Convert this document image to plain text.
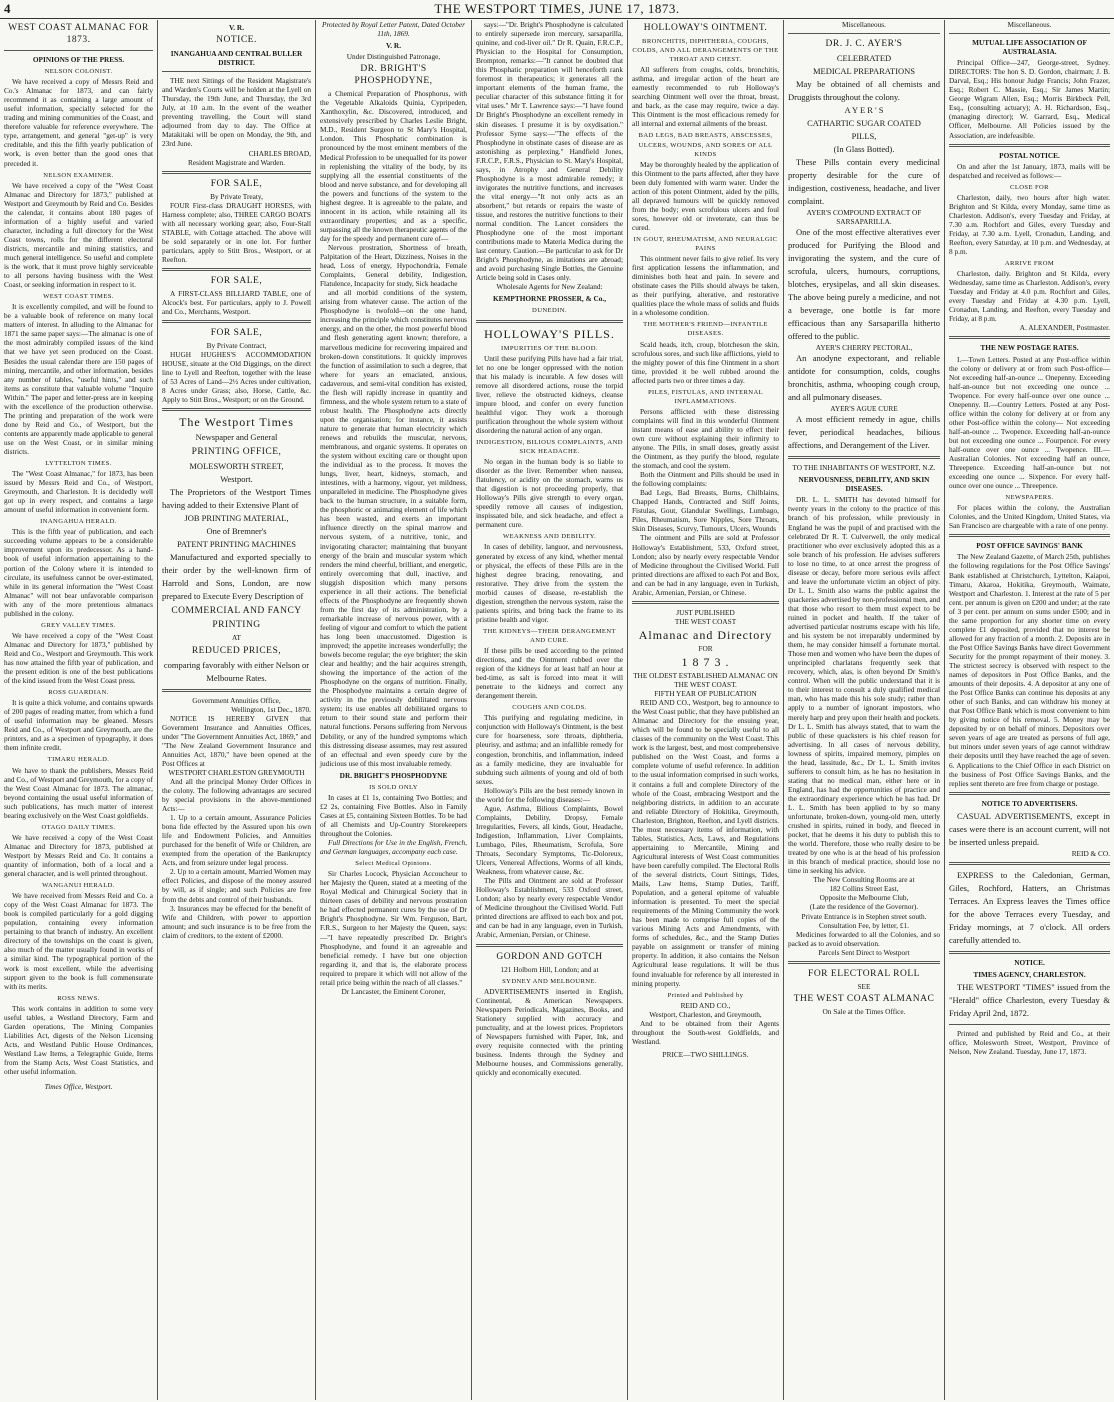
4	THE WESTPORT TIMES, JUNE 17, 1873.
WEST COAST ALMANAC FOR 1873.
OPINIONS OF THE PRESS.
NELSON COLONIST.

We have received a copy of Messrs Reid and Co.'s Almanac for 1873, and can fairly recommend it as containing a large amount of useful information, specially selected for the trading and mining communities of the Coast, and therefore valuable for reference everywhere. The type, arrangement, and general "get-up" is very creditable, and this the fifth yearly publication of work, is even better than the good ones that preceded it.

NELSON EXAMINER.

We have received a copy of the "West Coast Almanac and Directory for 1873," published at Westport and Greymouth by Reid and Co. Besides the calendar, it contains about 180 pages of information of a highly useful and varied character, including a full directory for the West Coast towns, rolls for the different electoral districts, mercantile and mining statistics, and much general intelligence. So useful and complete is the work, that it must prove highly serviceable to all persons having business with the West Coast, or seeking information in respect to it.

WEST COAST TIMES.

It is excellently compiled, and will be found to be a valuable book of reference on many local matters of interest. In alluding to the Almanac for 1871 the same paper says:—The almanac is one of the most admirably compiled issues of the kind that we have yet seen produced on the Coast. Besides the usual calendar there are 150 pages of mining, mercantile, and other information, besides any number of tables, "useful hints," and such items as constitute that valuable volume "Inquire Within." The paper and letter-press are in keeping with the excellence of the production otherwise. The printing and preparation of the work were done by Reid and Co., of Westport, but the contents are apparently made applicable to general use on the West Coast, or in similar mining districts.

LYTTELTON TIMES.

The "West Coast Almanac," for 1873, has been issued by Messrs Reid and Co., of Westport, Greymouth, and Charleston. It is decidedly well got up in every respect, and contains a large amount of useful information in convenient form.

INANGAHUA HERALD.

This is the fifth year of publication, and each succeeding volume appears to be a considerable improvement upon its predecessor. As a hand-book of useful information appertaining to the portion of the Colony where it is intended to circulate, its usefulness cannot be over-estimated, while in its general information the "West Coast Almanac" will not bear unfavorable comparison with any of the more pretentious almanacs published in the colony.

GREY VALLEY TIMES.

We have received a copy of the "West Coast Almanac and Directory for 1873," published by Reid and Co., Westport and Greymouth. This work has now attained the fifth year of publication, and the present edition is one of the best publications of the kind issued from the West Coast press.

ROSS GUARDIAN.

It is quite a thick volume, and contains upwards of 200 pages of reading matter, from which a fund of useful information may be gleaned. Messrs Reid and Co., of Westport and Greymouth, are the printers, and as a specimen of typography, it does them infinite credit.

TIMARU HERALD.

We have to thank the publishers, Messrs Reid and Co., of Westport and Greymouth, for a copy of the West Coast Almanac for 1873. The almanac, beyond containing the usual useful information of such publications, has much matter of interest bearing exclusively on the West Coast goldfields.

OTAGO DAILY TIMES.

We have received a copy of the West Coast Almanac and Directory for 1873, published at Westport by Messrs Reid and Co. It contains a quantity of information, both of a local and a general character, and is well printed throughout.

WANGANUI HERALD.

We have received from Messrs Reid and Co. a copy of the West Coast Almanac for 1873. The book is compiled particularly for a gold digging population, containing every information pertaining to that branch of industry. An excellent directory of the townships on the coast is given, also much of the matter usually found in works of a similar kind. The typographical portion of the work is most excellent, while the advertising support given to the book is full commensurate with its merits.

ROSS NEWS.

This work contains in addition to some very useful tables, a Westland Directory, Farm and Garden operations, The Mining Companies Liabilities Act, digests of the Nelson Licensing Acts, and Westland Public House Ordinances, Westland Law Items, a Telegraphic Guide, Items from the Stamp Acts, West Coast Statistics, and other useful information.

Times Office, Westport.
V. R.
NOTICE.
INANGAHUA AND CENTRAL BULLER DISTRICT.

THE next Sittings of the Resident Magistrate's and Warden's Courts will be holden at the Lyell on Thursday, the 19th June, and Thursday, the 3rd July, at 10 a.m. In the event of the weather preventing travelling, the Court will stand adjourned from day to day. The Office at Matakitaki will be open on Monday, the 9th, and 23rd June.

CHARLES BROAD,
Resident Magistrate and Warden.
FOR SALE,
By Private Treaty,

FOUR First-class DRAUGHT HORSES, with Harness complete; also, THREE CARGO BOATS with all necessary working gear; also, Four-Stall STABLE, with Cottage attached. The above will be sold separately or in one lot. For further particulars, apply to Stitt Bros., Westport, or at Reefton.

FOR SALE,

A FIRST-CLASS BILLIARD TABLE, one of Alcock's best. For particulars, apply to J. Powell and Co., Merchants, Westport.

FOR SALE,
By Private Contract,

HUGH HUGHES'S ACCOMMODATION HOUSE, situate at the Old Diggings, on the direct line to Lyell and Reefton, together with the lease of 53 Acres of Land—2½ Acres under cultivation, 8 Acres under Grass; also, Horse, Cattle, &c. Apply to Stitt Bros., Westport; or on the Ground.

The Westport Times
Newspaper and General
PRINTING OFFICE,
MOLESWORTH STREET,
Westport.

The Proprietors of the Westport Times having added to their Extensive Plant of

JOB PRINTING MATERIAL,
One of Bremner's
PATENT PRINTING MACHINES

Manufactured and exported specially to their order by the well-known firm of Harrold and Sons, London, are now prepared to Execute Every Description of

COMMERCIAL AND FANCY
PRINTING
AT
REDUCED PRICES,
comparing favorably with either Nelson or Melbourne Rates.
Government Annuities Office,
Wellington, 1st Dec., 1870.

NOTICE IS HEREBY GIVEN that Government Insurance and Annuities Offices, under "The Government Annuities Act, 1869," and "The New Zealand Government Insurance and Annuities Act, 1870," have been opened at the Post Offices at

WESTPORT CHARLESTON GREYMOUTH

And all the principal Money Order Offices in the colony. The following advantages are secured by special provisions in the above-mentioned Acts:—

1. Up to a certain amount, Assurance Policies bona fide effected by the Assured upon his own life and Endowment Policies, and Annuities purchased for the benefit of Wife or Children, are exempted from the operation of the Bankruptcy Acts, and from seizure under legal process.

2. Up to a certain amount, Married Women may effect Policies, and dispose of the money assured by will, as if single; and such Policies are free from the debts and control of their husbands.

3. Insurances may be effected for the benefit of Wife and Children, with power to apportion amount; and such insurance is to be free from the claim of creditors, to the extent of £2000.

Protected by Royal Letter Patent, Dated October 11th, 1869.
V. R.
Under Distinguished Patronage,
DR. BRIGHT'S PHOSPHODYNE,

a Chemical Preparation of Phosphorus, with the Vegetable Alkaloids Quinia, Cypripeden, Xanthoxylin, &c. Discovered, introduced, and extensively prescribed by Charles Leslie Bright, M.D., Resident Surgeon to St Mary's Hospital, London. This Phosphatic combination is pronounced by the most eminent members of the Medical Profession to be unequalled for its power in replenishing the vitality of the body, by its supplying all the essential constituents of the blood and nerve substance, and for developing all the powers and functions of the system to the highest degree. It is agreeable to the palate, and innocent in its action, while retaining all its extraordinary properties; and as a specific, surpassing all the known therapeutic agents of the day for the speedy and permanent cure of—

Nervous prostration, Shortness of breath, Palpitation of the Heart, Dizziness, Noises in the head, Loss of energy, Hypochondria, Female Complaints, General debility, Indigestion, Flatulence, Incapacity for study, Sick headache

and all morbid conditions of the system, arising from whatever cause. The action of the Phosphodyne is twofold—on the one hand, increasing the principle which constitutes nervous energy, and on the other, the most powerful blood and flesh generating agent known; therefore, a marvellous medicine for recovering impaired and broken-down constitutions. It quickly improves the function of assimilation to such a degree, that where for years an emaciated, anxious, cadaverous, and semi-vital condition has existed, the flesh will rapidly increase in quantity and firmness, and the whole system return to a state of robust health. The Phosphodyne acts directly upon the organisation; for instance, it assists nature to generate that human electricity which renews and rebuilds the muscular, nervous, membranous, and organic systems. It operates on the system without exciting care or thought upon the individual as to the process. It moves the lungs, liver, heart, kidneys, stomach, and intestines, with a harmony, vigour, yet mildness, unparalleled in medicine. The Phosphodyne gives back to the human structure, in a suitable form, the phosphoric or animating element of life which has been wasted, and exerts an important influence directly on the spinal marrow and nervous system, of a nutritive, tonic, and invigorating character; maintaining that buoyant energy of the brain and muscular system which renders the mind cheerful, brilliant, and energetic, entirely overcoming that dull, inactive, and sluggish disposition which many persons experience in all their actions. The beneficial effects of the Phosphodyne are frequently shown from the first day of its administration, by a remarkable increase of nervous power, with a feeling of vigour and comfort to which the patient has long been unaccustomed. Digestion is improved; the appetite increases wonderfully; the bowels become regular; the eye brighter; the skin clear and healthy; and the hair acquires strength, showing the importance of the action of the Phosphodyne on the organs of nutrition. Finally, the Phosphodyne maintains a certain degree of activity in the previously debilitated nervous system; its use enables all debilitated organs to return to their sound state and perform their natural functions. Persons suffering from Nervous Debility, or any of the hundred symptoms which this distressing disease assumes, may rest assured of an effectual and even speedy cure by the judicious use of this most invaluable remedy.

DR. BRIGHT'S PHOSPHODYNE
IS SOLD ONLY

In cases at £1 1s, containing Two Bottles; and £2 2s, containing Five Bottles. Also in Family Cases at £5, containing Sixteen Bottles. To be had of all Chemists and Up-Country Storekeepers throughout the Colonies.

Full Directions for Use in the English, French, and German languages, accompany each case.

Select Medical Opinions.

Sir Charles Locock, Physician Accoucheur to her Majesty the Queen, stated at a meeting of the Royal Medical and Chirurgical Society that in thirteen cases of debility and nervous prostration he had effected permanent cures by the use of Dr Bright's Phosphodyne. Sir Wm. Ferguson, Bart, F.R.S., Surgeon to her Majesty the Queen, says:—"I have repeatedly prescribed Dr. Bright's Phosphodyne, and found it an agreeable and beneficial remedy. I have but one objection regarding it, and that is, the elaborate process required to prepare it which will not allow of the retail price being within the reach of all classes."

Dr Lancaster, the Eminent Coroner,

says:—"Dr. Bright's Phosphodyne is calculated to entirely supersede iron mercury, sarsaparilla, quinine, and cod-liver oil." Dr R. Quain, F.R.C.P., Physician to the Hospital for Consumption, Brompton, remarks:—"It cannot be doubted that this Phosphatic preparation will henceforth rank foremost in therapeutics; it generates all the important elements of the human frame, the peculiar character of this substance fitting it for vital uses." Mr T. Lawrence says:—"I have found Dr Bright's Phosphodyne an excellent remedy in skin diseases. I presume it is by oxydisation." Professor Syme says:—"The effects of the Phosphodyne in obstinate cases of disease are as astonishing as perplexing." Handfield Jones, F.R.C.P., F.R.S., Physician to St. Mary's Hospital, says, in Atrophy and General Debility Phosphodyne is a most admirable remedy; it invigorates the nutritive functions, and increases the vital energy—"It not only acts as an absorbent," but retards or repairs the waste of tissue, and restores the nutritive functions to their normal condition. The Lancet considers the Phosphodyne one of the most important contributions made to Materia Medica during the last century. Caution.—Be particular to ask for Dr Bright's Phosphodyne, as imitations are abroad; and avoid purchasing Single Bottles, the Genuine Article being sold in Cases only.

Wholesale Agents for New Zealand:
KEMPTHORNE PROSSER, & Co.,
DUNEDIN.
HOLLOWAY'S PILLS.
IMPURITIES OF THE BLOOD.

Until these purifying Pills have had a fair trial, let no one be longer oppressed with the notion that his malady is incurable. A few doses will remove all disordered actions, rouse the torpid liver, relieve the obstructed kidneys, cleanse impure blood, and confer on every function healthful vigor. They work a thorough purification throughout the whole system without disordering the natural action of any organ.

INDIGESTION, BILIOUS COMPLAINTS, AND SICK HEADACHE.

No organ in the human body is so liable to disorder as the liver. Remember when nausea, flatulency, or acidity on the stomach, warns us that digestion is not proceeding properly, that Holloway's Pills give strength to every organ, speedily remove all causes of indigestion, inspissated bile, and sick headache, and effect a permanent cure.

WEAKNESS AND DEBILITY.

In cases of debility, languor, and nervousness, generated by excess of any kind, whether mental or physical, the effects of these Pills are in the highest degree bracing, renovating, and restorative. They drive from the system the morbid causes of disease, re-establish the digestion, strengthen the nervous system, raise the patients spirits, and bring back the frame to its pristine health and vigor.

THE KIDNEYS—THEIR DERANGEMENT AND CURE.

If these pills be used according to the printed directions, and the Ointment rubbed over the region of the kidneys for at least half an hour at bed-time, as salt is forced into meat it will penetrate to the kidneys and correct any derangement therein.

COUGHS AND COLDS.

This purifying and regulating medicine, in conjunction with Holloway's Ointment, is the best cure for hoarseness, sore throats, diphtheria, pleurisy, and asthma; and an infallible remedy for congestion, bronchitis, and inflammation, indeed as a family medicine, they are invaluable for subduing such ailments of young and old of both sexes.

Holloway's Pills are the best remedy known in the world for the following diseases:—

Ague, Asthma, Bilious Complaints, Bowel Complaints, Debility, Dropsy, Female Irregularities, Fevers, all kinds, Gout, Headache, Indigestion, Inflammation, Liver Complaints, Lumbago, Piles, Rheumatism, Scrofula, Sore Throats, Secondary Symptoms, Tic-Doloreux, Ulcers, Venereal Affections, Worms of all kinds, Weakness, from whatever cause, &c.

The Pills and Ointment are sold at Professor Holloway's Establishment, 533 Oxford street, London; also by nearly every respectable Vendor of Medicine throughout the Civilised World. Full printed directions are affixed to each box and pot, and can be had in any language, even in Turkish, Arabic, Armenian, Persian, or Chinese.

GORDON AND GOTCH
121 Holborn Hill, London; and at
SYDNEY AND MELBOURNE.

ADVERTISEMENTS inserted in English, Continental, & American Newspapers. Newspapers Periodicals, Magazines, Books, and Stationery supplied with accuracy and punctuality, and at the lowest prices. Proprietors of Newspapers furnished with Paper, Ink, and every requisite connected with the printing business. Indents through the Sydney and Melbourne houses, and Commissions generally, quickly and economically executed.

HOLLOWAY'S OINTMENT.
BRONCHITIS, DIPHTHERIA, COUGHS, COLDS, AND ALL DERANGEMENTS OF THE THROAT AND CHEST.

All sufferers from coughs, colds, bronchitis, asthma, and irregular action of the heart are earnestly recommended to rub Holloway's searching Ointment well over the throat, breast, and back, as the case may require, twice a day. This Ointment is the most efficacious remedy for all internal and external ailments of the breast.

BAD LEGS, BAD BREASTS, ABSCESSES, ULCERS, WOUNDS, AND SORES OF ALL KINDS

May be thoroughly healed by the application of this Ointment to the parts affected, after they have been duly fomented with warm water. Under the action of this potent Ointment, aided by the pills, all depraved humours will be quickly removed from the body; even scrofulous ulcers and foul sores, however old or inveterate, can thus be cured.

IN GOUT, RHEUMATISM, AND NEURALGIC PAINS

This ointment never fails to give relief. Its very first application lessens the inflammation, and diminishes both heat and pain. In severe and obstinate cases the Pills should always be taken, as their purifying, alterative, and restorative qualities place the whole mass of solids and fluids in a wholesome condition.

THE MOTHER'S FRIEND—INFANTILE DISEASES.

Scald heads, itch, croup, blotcheson the skin, scrofulous sores, and such like afflictions, yield to the mighty power of this fine Ointment in a short time, provided it be well rubbed around the affected parts two or three times a day.

PILES, FISTULAS, AND INTERNAL INFLAMMATIONS.

Persons afflicted with these distressing complaints will find in this wonderful Ointment instant means of ease and ability to effect their own cure without explaining their infirmity to anyone. The Pills, in small doses, greatly assist the Ointment, as they purify the blood, regulate the stomach, and cool the system.

Both the Ointment and Pills should be used in the following complaints:

Bad Legs, Bad Breasts, Burns, Chilblains, Chapped Hands, Contracted and Stiff Joints, Fistulas, Gout, Glandular Swellings, Lumbago, Piles, Rheumatism, Sore Nipples, Sore Throats, Skin Diseases, Scurvy, Tumours, Ulcers, Wounds

The ointment and Pills are sold at Professor Holloway's Establishment, 533, Oxford street, London; also by nearly every respectable Vendor of Medicine throughout the Civilised World. Full printed directions are affixed to each Pot and Box, and can be had in any language, even in Turkish, Arabic, Armenian, Persian, or Chinese.

JUST PUBLISHED
THE WEST COAST
Almanac and Directory
FOR
1 8 7 3 .
THE OLDEST ESTABLISHED ALMANAC ON THE WEST COAST.
FIFTH YEAR OF PUBLICATION

REID AND CO., Westport, beg to announce to the West Coast public, that they have published an Almanac and Directory for the ensuing year, which will be found to be specially useful to all classes of the community on the West Coast. This work is the largest, best, and most comprehensive published on the West Coast, and forms a complete volume of useful reference. In addition to the usual information comprised in such works, it contains a full and complete Directory of the whole of the Coast, embracing Westport and the neighboring districts, in addition to an accurate and reliable Directory of Hokitika, Greymouth, Charleston, Brighton, Reefton, and Lyell districts. The most necessary items of information, with Tables, Statistics, Acts, Laws, and Regulations appertaining to Mercantile, Mining and Agricultural interests of West Coast communities have been carefully compiled. The Electoral Rolls of the several districts, Court Sittings, Tides, Mails, Law Items, Stamp Duties, Tariff, Population, and a general epitome of valuable information is presented. To meet the special requirements of the Mining Community the work has been made to comprise full copies of the various Mining Acts and Amendments, with forms of schedules, &c., and the Stamp Duties payable on assignment or transfer of mining property. In addition, it also contains the Nelson Agricultural lease regulations. It will be thus found invaluable for reference by all interested in mining property.

Printed and Published by
REID AND CO.,
Westport, Charleston, and Greymouth,

And to be obtained from their Agents throughout the South-west Goldfields, and Westland.

PRICE—TWO SHILLINGS.
Miscellaneous.
DR. J. C. AYER'S
CELEBRATED
MEDICAL PREPARATIONS

May be obtained of all chemists and Druggists throughout the colony.

A Y E R ' S
CATHARTIC SUGAR COATED
PILLS,
(In Glass Botted).

These Pills contain every medicinal property desirable for the cure of indigestion, costiveness, headache, and liver complaint.

AYER'S COMPOUND EXTRACT OF SARSAPARILLA.

One of the most effective alteratives ever produced for Purifying the Blood and invigorating the system, and the cure of scrofula, ulcers, humours, corruptions, blotches, erysipelas, and all skin diseases. The above being purely a medicine, and not a beverage, one bottle is far more efficacious than any Sarsaparilla hitherto offered to the public.

AYER'S CHERRY PECTORAL,

An anodyne expectorant, and reliable antidote for consumption, colds, coughs bronchitis, asthma, whooping cough croup, and all pulmonary diseases.

AYER'S AGUE CURE

A most efficient remedy in ague, chills fever, periodical headaches, bilious affections, and Derangement of the Liver.

TO THE INHABITANTS OF WESTPORT, N.Z.
NERVOUSNESS, DEBILITY, AND SKIN DISEASES.

DR. L. L. SMITH has devoted himself for twenty years in the colony to the practice of this branch of his profession, while previously in England he was the pupil of and practised with the celebrated Dr R. T. Culverwell, the only medical practitioner who ever exclusively adopted this as a sole branch of his profession. He advises sufferers to lose no time, to at once arrest the progress of disease or decay, before more serious evils affect and leave the unfortunate victim an object of pity. Dr L. L. Smith also warns the public against the quackeries advertised by non-professional men, and that those who resort to them must expect to be ruined in pocket and health. If the taker of advertised particular nostrums escape with his life, and his system be not irreparably undermined by them, he may consider himself a fortunate mortal. Those men and women who have been the dupes of unprincipled charlatans frequently seek that recovery, which, alas, is often beyond Dr Smith's control. When will the public understand that it is to their interest to consult a duly qualified medical man, who has made this his sole study; rather than apply to a number of ignorant impostors, who merely harp and prey upon their health and pockets. Dr L. L. Smith has always stated, that to warn the public of these quacksters is his chief reason for advertising. In all cases of nervous debility, lowness of spirits, impaired memory, pimples on the head, lassitude, &c., Dr L. L. Smith invites sufferers to consult him, as he has no hesitation in stating that no medical man, either here or in England, has had the opportunities of practice and the extraordinary experience which he has had. Dr L. L. Smith has been applied to by so many unfortunate, broken-down, young-old men, utterly crushed in spirits, ruined in body, and fleeced in pocket, that he deems it his duty to publish this to the world. Therefore, those who really desire to be treated by one who is at the head of his profession in this branch of medical practice, should lose no time in seeking his advice.

The New Consulting Rooms are at
182 Collins Street East,
Opposite the Melbourne Club,
(Late the residence of the Governor).
Private Entrance is in Stephen street south.
Consultation Fee, by letter, £1.

Medicines forwarded to all the Colonies, and so packed as to avoid observation.

Parcels Sent Direct to Westport
FOR ELECTORAL ROLL
SEE
THE WEST COAST ALMANAC
On Sale at the Times Office.
Miscellaneous.
MUTUAL LIFE ASSOCIATION OF AUSTRALASIA.

Principal Office—247, George-street, Sydney. DIRECTORS: The hon S. D. Gordon, chairman; J. B. Darval, Esq.; His honour Judge Francis; John Frazer, Esq.; Robert C. Massie, Esq.; Sir James Martin; George Wigram Allen, Esq.; Morris Birkbeck Pell, Esq., (consulting actuary); A. H. Richardson, Esq., (managing director); W. Garrard, Esq., Medical Officer, Melbourne. All Policies issued by the Association, are indefeasible.

POSTAL NOTICE.

On and after the 1st January, 1873, mails will be despatched and received as follows:—

CLOSE FOR

Charleston, daily, two hours after high water. Brighton and St Kilda, every Monday, same time as Charleston. Addison's, every Tuesday and Friday, at 7.30 a.m. Rochfort and Giles, every Tuesday and Friday, at 7.30 a.m. Lyell, Cronadun, Landing, and Reefton, every Saturday, at 10 p.m. and Wednesday, at 8 p.m.

ARRIVE FROM

Charleston, daily. Brighton and St Kilda, every Wednesday, same time as Charleston. Addison's, every Tuesday and Friday at 4.0 p.m. Rochfort and Giles, every Tuesday and Friday at 4.30 p.m. Lyell, Cronadun, Landing, and Reefton, every Tuesday and Friday, at 8 p.m.

A. ALEXANDER, Postmaster.
THE NEW POSTAGE RATES.

I.—Town Letters. Posted at any Post-office within the colony or delivery at or from such Post-office— Not exceeding half-an-ounce ... Onepenny. Exceeding half-an-ounce but not exceeding one ounce ... Twopence. For every half-ounce over one ounce ... Onepenny. II.—Country Letters. Posted at any Post-office within the colony for delivery at or from any other Post-office within the colony— Not exceeding half-an-ounce ... Twopence. Exceeding half-an-ounce but not exceeding one ounce ... Fourpence. For every half-ounce over one ounce ... Twopence. III.—Australian Colonies. Not exceeding half an ounce, Threepence. Exceeding half-an-ounce but not exceeding one ounce ... Sixpence. For every half-ounce over one ounce ... Threepence.

NEWSPAPERS.

For places within the colony, the Australian Colonies, and the United Kingdom, United States, via San Francisco are chargeable with a rate of one penny.

POST OFFICE SAVINGS' BANK

The New Zealand Gazette, of March 25th, publishes the following regulations for the Post Office Savings' Bank established at Christchurch, Lyttelton, Kaiapoi, Timaru, Akaroa, Hokitika, Greymouth, Waimate, Westport and Charleston. 1. Interest at the rate of 5 per cent. per annum is given on £200 and under; at the rate of 3 per cent. per annum on sums under £500; and in the same proportion for any shorter time on every complete £1 deposited, provided that no interest be allowed for any fraction of a month. 2. Deposits are in the Post Office Savings Banks have direct Government Security for the prompt repayment of their money. 3. The strictest secrecy is observed with respect to the names of depositors in Post Office Banks, and the amounts of their deposits. 4. A depositor at any one of the Post Office Banks can continue his deposits at any other of such Banks, and can withdraw his money at that Post Office Bank which is most convenient to him by giving notice of his removal. 5. Money may be deposited by or on behalf of minors. Depositors over seven years of age are treated as persons of full age, but minors under seven years of age cannot withdraw their deposits until they have reached the age of seven. 6. Applications to the Chief Office in each District on the business of Post Office Savings Banks, and the replies sent thereto are free from charge or postage.

NOTICE TO ADVERTISERS.

CASUAL ADVERTISEMENTS, except in cases were there is an account current, will not be inserted unless prepaid.

REID & CO.

EXPRESS to the Caledonian, German, Giles, Rochford, Hatters, an Christmas Terraces. An Express leaves the Times office for the above Terraces every Tuesday, and Friday mornings, at 7 o'clock. All orders carefully attended to.

NOTICE.
TIMES AGENCY, CHARLESTON.

THE WESTPORT "TIMES" issued from the "Herald" office Charleston, every Tuesday & Friday April 2nd, 1872.

Printed and published by Reid and Co., at their office, Molesworth Street, Westport, Province of Nelson, New Zealand. Tuesday, June 17, 1873.
